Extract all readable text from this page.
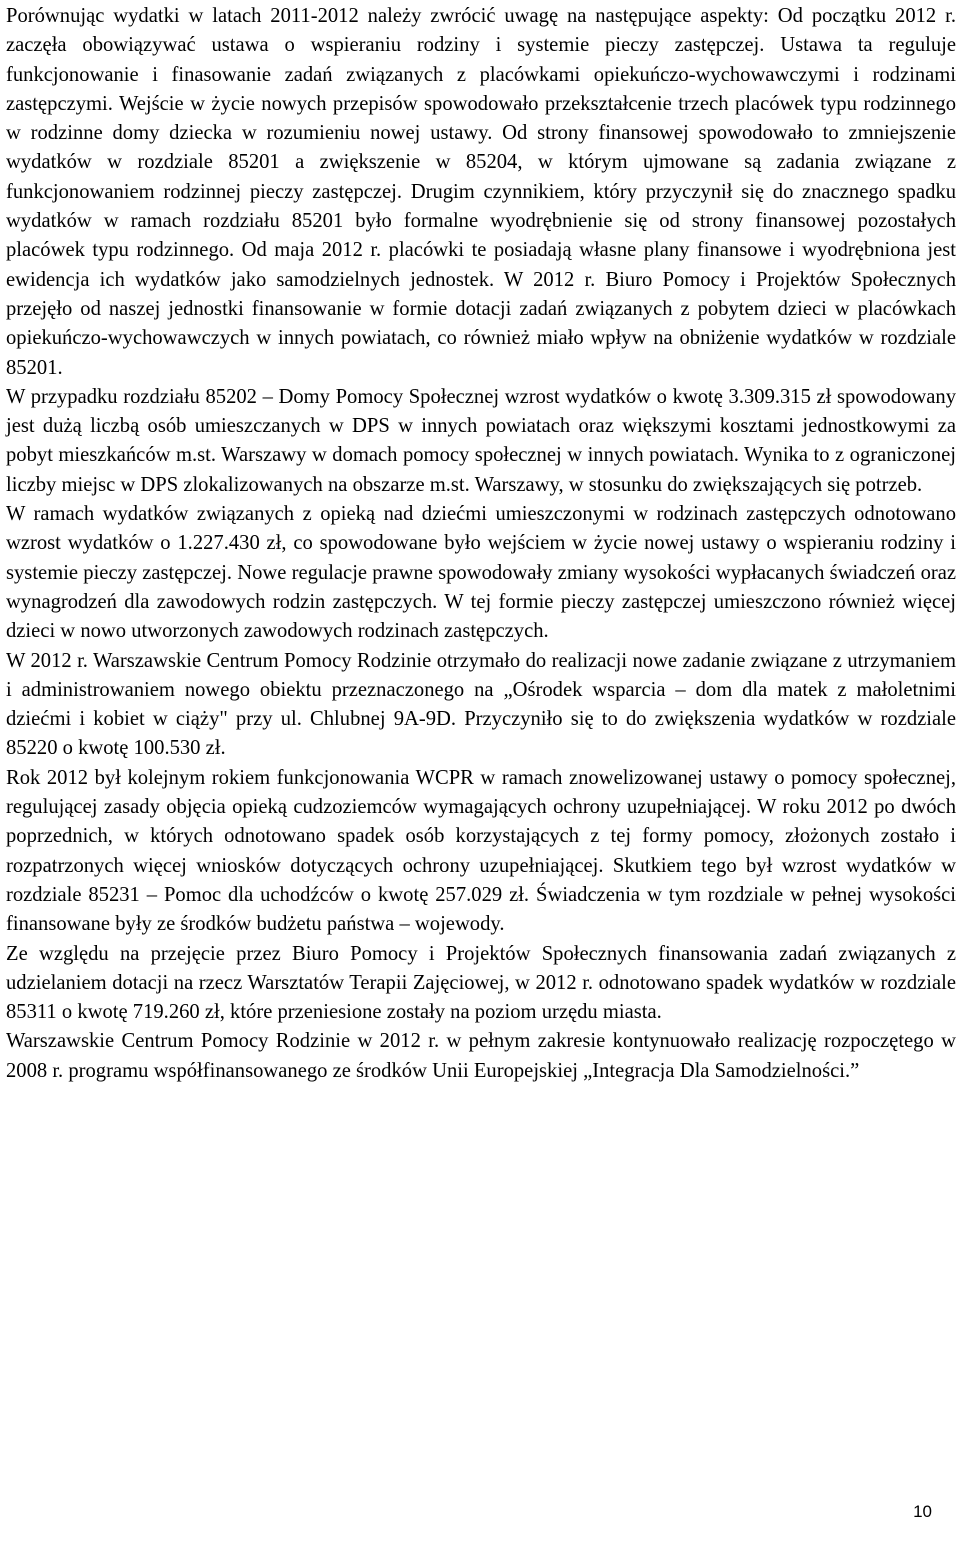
Porównując wydatki w latach 2011-2012 należy zwrócić uwagę na następujące aspekty: Od początku 2012 r. zaczęła obowiązywać ustawa o wspieraniu rodziny i systemie pieczy zastępczej. Ustawa ta reguluje funkcjonowanie i finasowanie zadań związanych z placówkami opiekuńczo-wychowawczymi i rodzinami zastępczymi. Wejście w życie nowych przepisów spowodowało przekształcenie trzech placówek typu rodzinnego w rodzinne domy dziecka w rozumieniu nowej ustawy. Od strony finansowej spowodowało to zmniejszenie wydatków w rozdziale 85201 a zwiększenie w 85204, w którym ujmowane są zadania związane z funkcjonowaniem rodzinnej pieczy zastępczej. Drugim czynnikiem, który przyczynił się do znacznego spadku wydatków w ramach rozdziału 85201 było formalne wyodrębnienie się od strony finansowej pozostałych placówek typu rodzinnego. Od maja 2012 r. placówki te posiadają własne plany finansowe i wyodrębniona jest ewidencja ich wydatków jako samodzielnych jednostek. W 2012 r. Biuro Pomocy i Projektów Społecznych przejęło od naszej jednostki finansowanie w formie dotacji zadań związanych z pobytem dzieci w placówkach opiekuńczo-wychowawczych w innych powiatach, co również miało wpływ na obniżenie wydatków w rozdziale 85201.

W przypadku rozdziału 85202 – Domy Pomocy Społecznej wzrost wydatków o kwotę 3.309.315 zł spowodowany jest dużą liczbą osób umieszczanych w DPS w innych powiatach oraz większymi kosztami jednostkowymi za pobyt mieszkańców m.st. Warszawy w domach pomocy społecznej w innych powiatach. Wynika to z ograniczonej liczby miejsc w DPS zlokalizowanych na obszarze m.st. Warszawy, w stosunku do zwiększających się potrzeb.

W ramach wydatków związanych z opieką nad dziećmi umieszczonymi w rodzinach zastępczych odnotowano wzrost wydatków o 1.227.430 zł, co spowodowane było wejściem w życie nowej ustawy o wspieraniu rodziny i systemie pieczy zastępczej. Nowe regulacje prawne spowodowały zmiany wysokości wypłacanych świadczeń oraz wynagrodzeń dla zawodowych rodzin zastępczych. W tej formie pieczy zastępczej umieszczono również więcej dzieci w nowo utworzonych zawodowych rodzinach zastępczych.

W 2012 r. Warszawskie Centrum Pomocy Rodzinie otrzymało do realizacji nowe zadanie związane z utrzymaniem i administrowaniem nowego obiektu przeznaczonego na „Ośrodek wsparcia – dom dla matek z małoletnimi dziećmi i kobiet w ciąży" przy ul. Chlubnej 9A-9D. Przyczyniło się to do zwiększenia wydatków w rozdziale 85220 o kwotę 100.530 zł.

Rok 2012 był kolejnym rokiem funkcjonowania WCPR w ramach znowelizowanej ustawy o pomocy społecznej, regulującej zasady objęcia opieką cudzoziemców wymagających ochrony uzupełniającej. W roku 2012 po dwóch poprzednich, w których odnotowano spadek osób korzystających z tej formy pomocy, złożonych zostało i rozpatrzonych więcej wniosków dotyczących ochrony uzupełniającej. Skutkiem tego był wzrost wydatków w rozdziale 85231 – Pomoc dla uchodźców o kwotę 257.029 zł. Świadczenia w tym rozdziale w pełnej wysokości finansowane były ze środków budżetu państwa – wojewody.

Ze względu na przejęcie przez Biuro Pomocy i Projektów Społecznych finansowania zadań związanych z udzielaniem dotacji na rzecz Warsztatów Terapii Zajęciowej, w 2012 r. odnotowano spadek wydatków w rozdziale 85311 o kwotę 719.260 zł, które przeniesione zostały na poziom urzędu miasta.

Warszawskie Centrum Pomocy Rodzinie w 2012 r. w pełnym zakresie kontynuowało realizację rozpoczętego w 2008 r. programu współfinansowanego ze środków Unii Europejskiej „Integracja Dla Samodzielności.”

10
